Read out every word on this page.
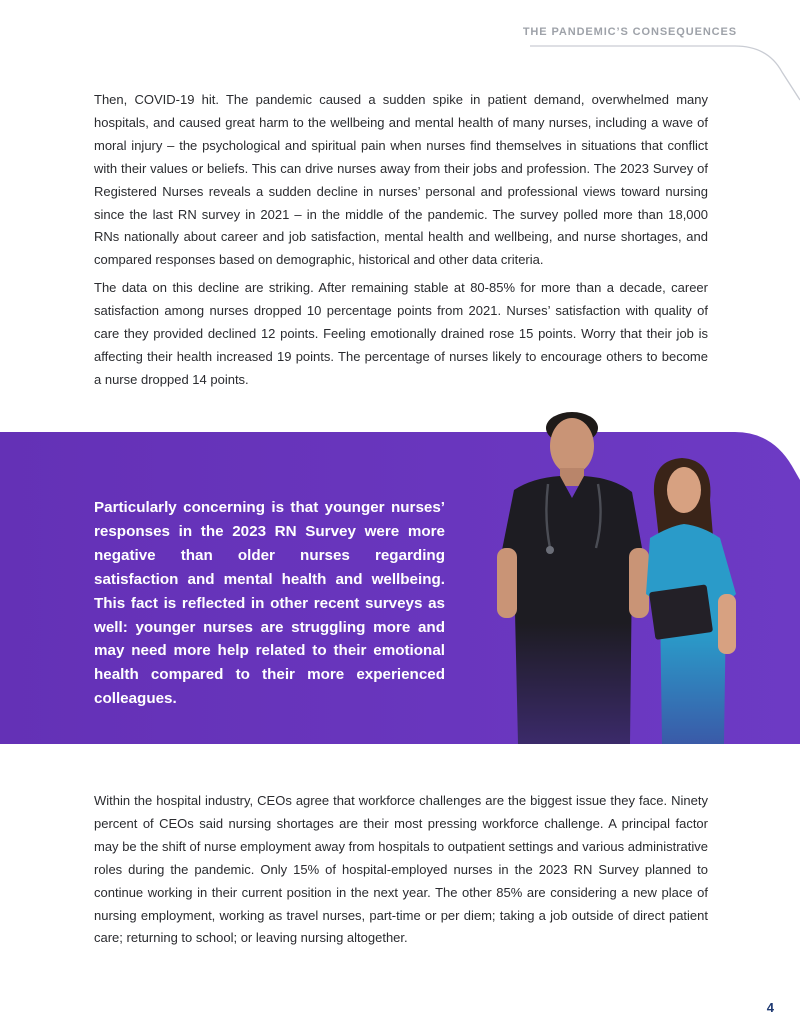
THE PANDEMIC’S CONSEQUENCES

Then, COVID-19 hit. The pandemic caused a sudden spike in patient demand, overwhelmed many hospitals, and caused great harm to the wellbeing and mental health of many nurses, including a wave of moral injury – the psychological and spiritual pain when nurses find themselves in situations that conflict with their values or beliefs. This can drive nurses away from their jobs and profession. The 2023 Survey of Registered Nurses reveals a sudden decline in nurses’ personal and professional views toward nursing since the last RN survey in 2021 – in the middle of the pandemic. The survey polled more than 18,000 RNs nationally about career and job satisfaction, mental health and wellbeing, and nurse shortages, and compared responses based on demographic, historical and other data criteria.

The data on this decline are striking. After remaining stable at 80-85% for more than a decade, career satisfaction among nurses dropped 10 percentage points from 2021. Nurses’ satisfaction with quality of care they provided declined 12 points. Feeling emotionally drained rose 15 points. Worry that their job is affecting their health increased 19 points. The percentage of nurses likely to encourage others to become a nurse dropped 14 points.

Particularly concerning is that younger nurses’ responses in the 2023 RN Survey were more negative than older nurses regarding satisfaction and mental health and wellbeing. This fact is reflected in other recent surveys as well: younger nurses are struggling more and may need more help related to their emotional health compared to their more experienced colleagues.

Within the hospital industry, CEOs agree that workforce challenges are the biggest issue they face. Ninety percent of CEOs said nursing shortages are their most pressing workforce challenge. A principal factor may be the shift of nurse employment away from hospitals to outpatient settings and various administrative roles during the pandemic. Only 15% of hospital-employed nurses in the 2023 RN Survey planned to continue working in their current position in the next year. The other 85% are considering a new place of nursing employment, working as travel nurses, part-time or per diem; taking a job outside of direct patient care; returning to school; or leaving nursing altogether.

4
